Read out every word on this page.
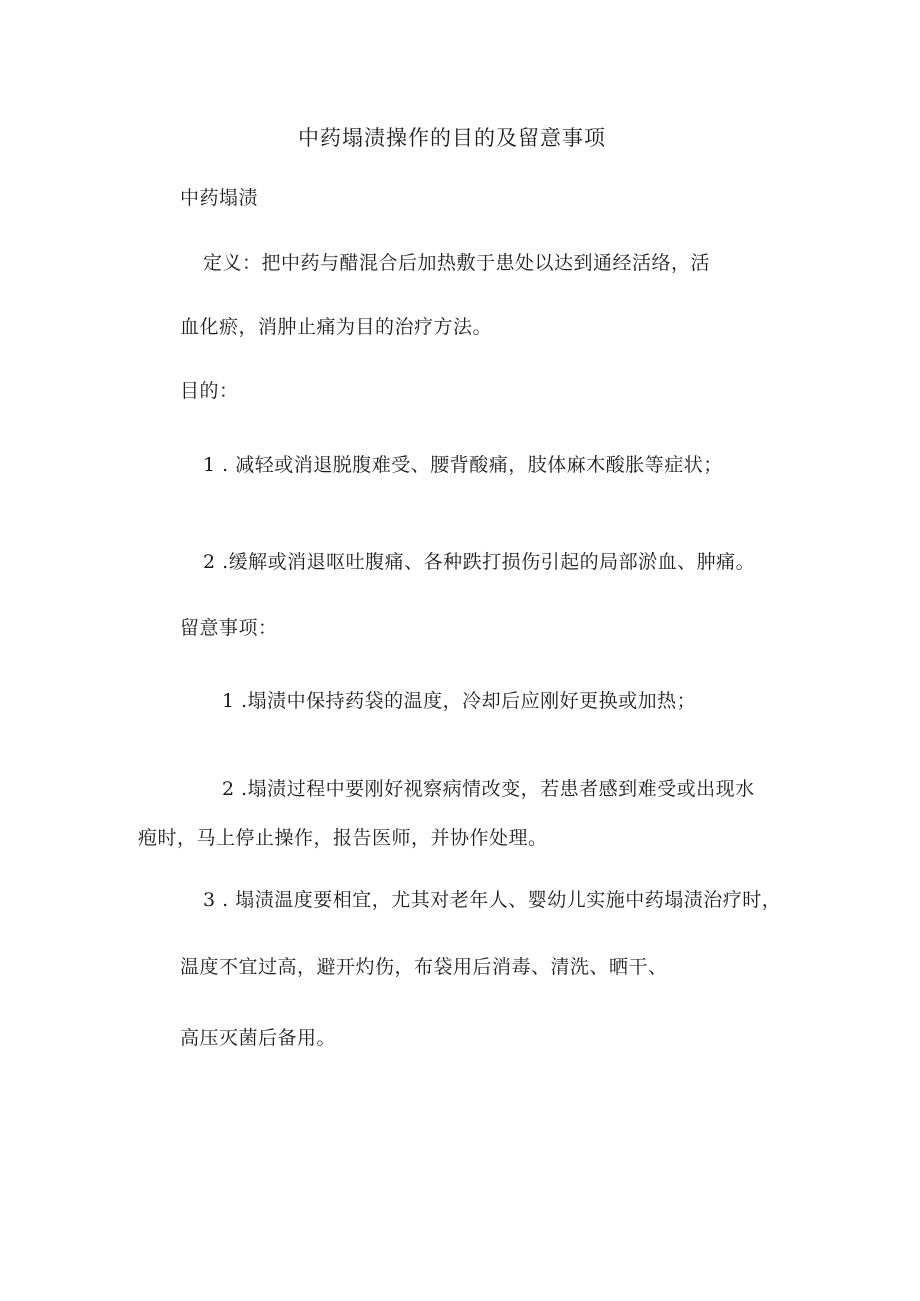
中药塌渍操作的目的及留意事项
中药塌渍
定义：把中药与醋混合后加热敷于患处以达到通经活络，活
血化瘀，消肿止痛为目的治疗方法。
目的：
1 . 减轻或消退脱腹难受、腰背酸痛，肢体麻木酸胀等症状；
2 .缓解或消退呕吐腹痛、各种跌打损伤引起的局部淤血、肿痛。
留意事项：
1 .塌渍中保持药袋的温度，冷却后应刚好更换或加热；
2 .塌渍过程中要刚好视察病情改变，若患者感到难受或出现水
疱时，马上停止操作，报告医师，并协作处理。
3 . 塌渍温度要相宜，尤其对老年人、婴幼儿实施中药塌渍治疗时，
温度不宜过高，避开灼伤，布袋用后消毒、清洗、晒干、
高压灭菌后备用。
